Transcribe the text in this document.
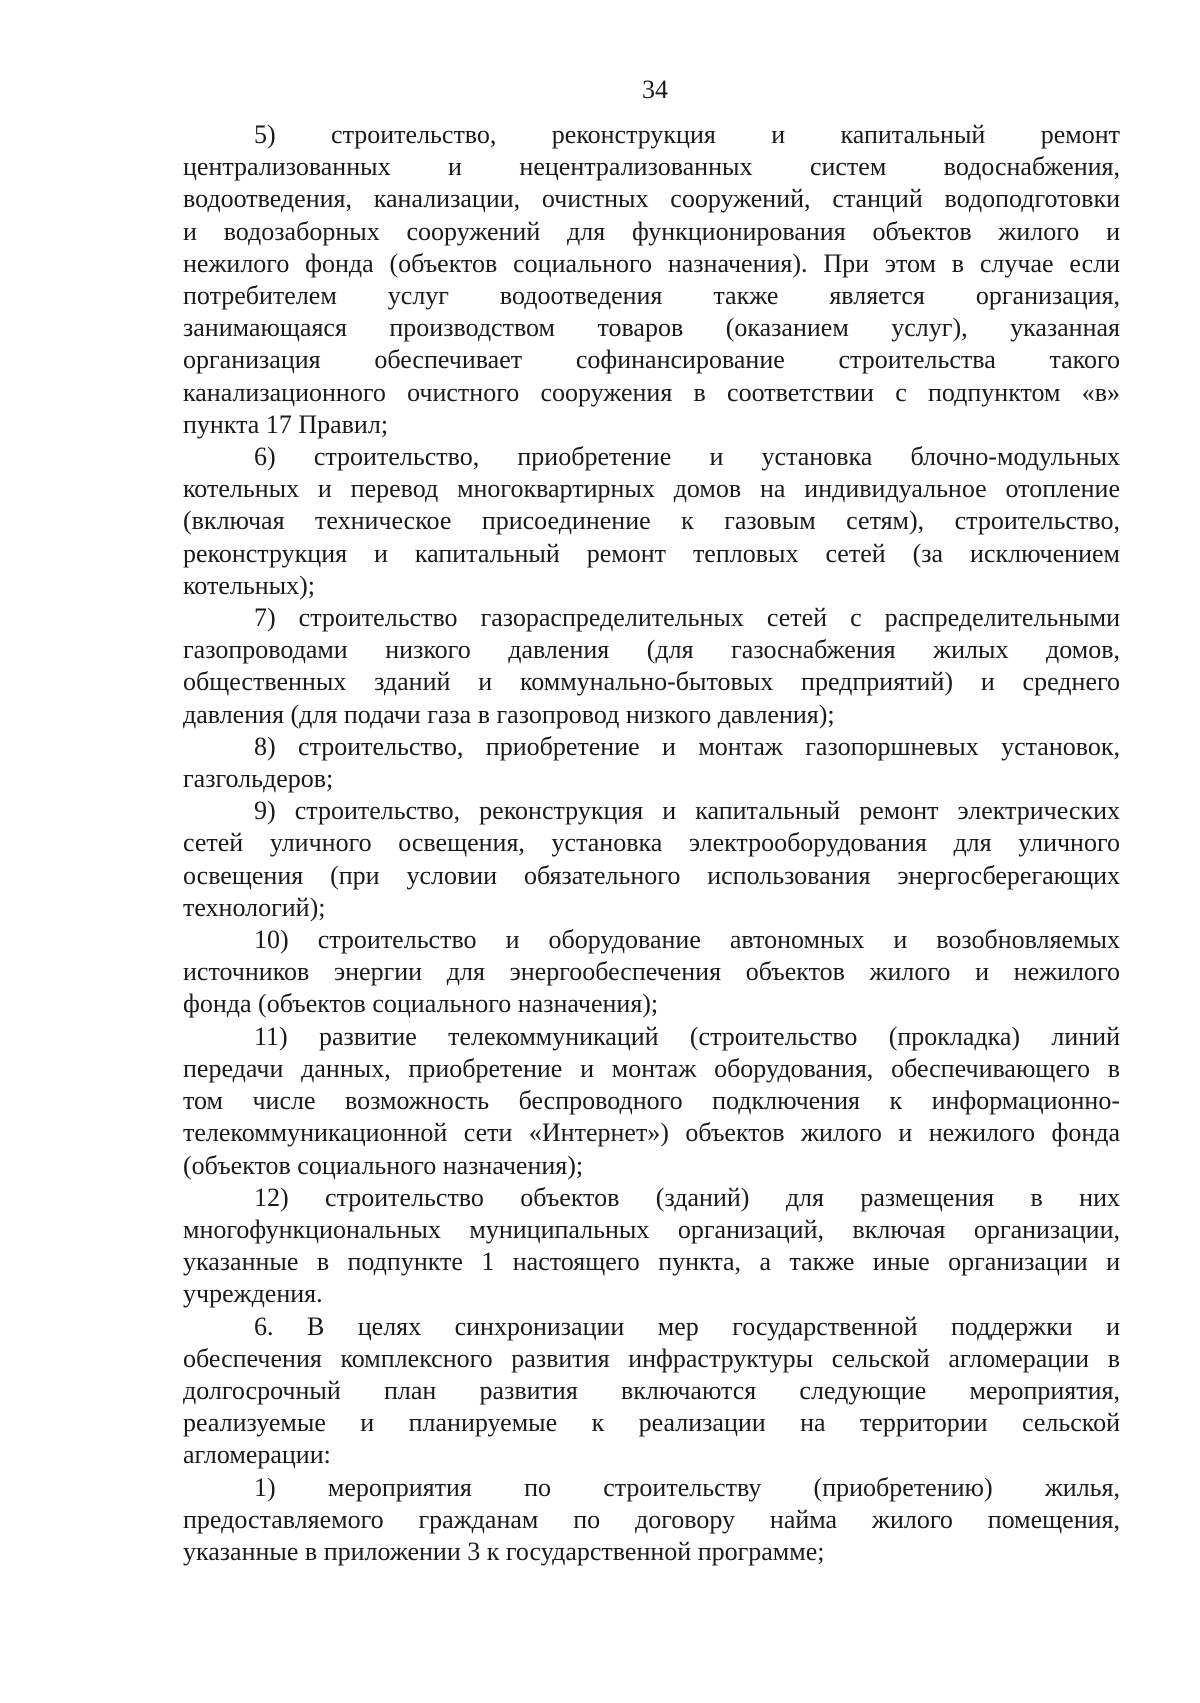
34
5) строительство, реконструкция и капитальный ремонт
централизованных и нецентрализованных систем водоснабжения,
водоотведения, канализации, очистных сооружений, станций водоподготовки
и водозаборных сооружений для функционирования объектов жилого и
нежилого фонда (объектов социального назначения). При этом в случае если
потребителем услуг водоотведения также является организация,
занимающаяся производством товаров (оказанием услуг), указанная
организация обеспечивает софинансирование строительства такого
канализационного очистного сооружения в соответствии с подпунктом «в»
пункта 17 Правил;
6) строительство, приобретение и установка блочно-модульных
котельных и перевод многоквартирных домов на индивидуальное отопление
(включая техническое присоединение к газовым сетям), строительство,
реконструкция и капитальный ремонт тепловых сетей (за исключением
котельных);
7) строительство газораспределительных сетей с распределительными
газопроводами низкого давления (для газоснабжения жилых домов,
общественных зданий и коммунально-бытовых предприятий) и среднего
давления (для подачи газа в газопровод низкого давления);
8) строительство, приобретение и монтаж газопоршневых установок,
газгольдеров;
9) строительство, реконструкция и капитальный ремонт электрических
сетей уличного освещения, установка электрооборудования для уличного
освещения (при условии обязательного использования энергосберегающих
технологий);
10) строительство и оборудование автономных и возобновляемых
источников энергии для энергообеспечения объектов жилого и нежилого
фонда (объектов социального назначения);
11) развитие телекоммуникаций (строительство (прокладка) линий
передачи данных, приобретение и монтаж оборудования, обеспечивающего в
том числе возможность беспроводного подключения к информационно-
телекоммуникационной сети «Интернет») объектов жилого и нежилого фонда
(объектов социального назначения);
12) строительство объектов (зданий) для размещения в них
многофункциональных муниципальных организаций, включая организации,
указанные в подпункте 1 настоящего пункта, а также иные организации и
учреждения.
6. В целях синхронизации мер государственной поддержки и
обеспечения комплексного развития инфраструктуры сельской агломерации в
долгосрочный план развития включаются следующие мероприятия,
реализуемые и планируемые к реализации на территории сельской
агломерации:
1) мероприятия по строительству (приобретению) жилья,
предоставляемого гражданам по договору найма жилого помещения,
указанные в приложении 3 к государственной программе;
